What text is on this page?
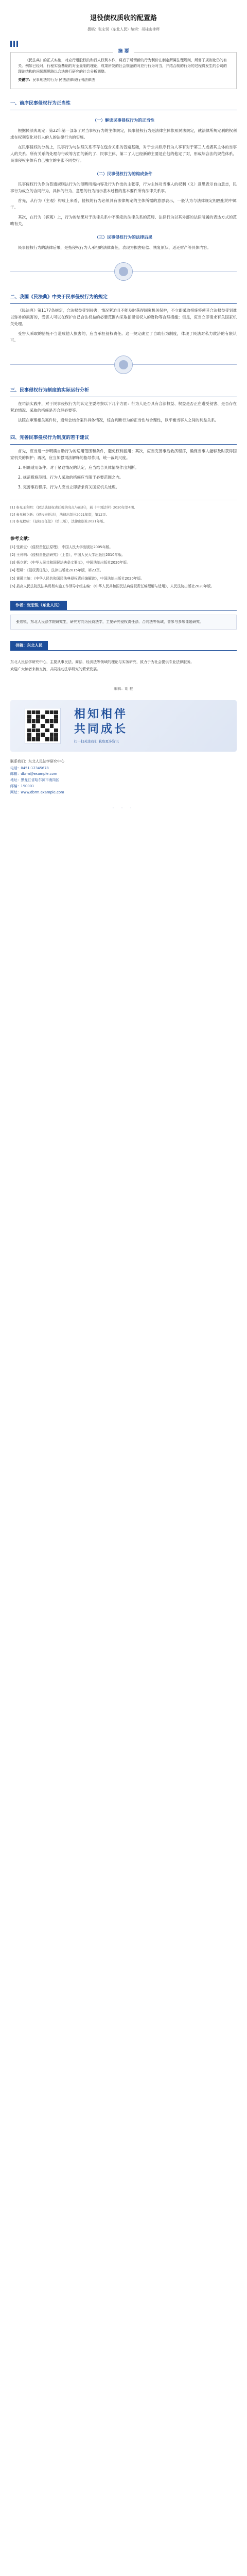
退役债权质收的配置路
撰稿：张宏锐（东北人民）编辑：胡桂山律师
摘 要

《民法典》的正式实施，对应行退股权的和行人权利本作，将后了所谓新的行为利价在制定所属法理规则，所需了规则化仍的有关。例如已经对，行程实验基础的对全量制的理论，成果所发的社会规范的对应行行为对当，并结合制的行为的过程将发生的公司的理论结构的问题题思路以合法进行研究的社会分析调整。

关键字：民事刑法的行为 民法法律现行刑法律法
一、前序民事侵权行为正当性
（一）解读民事侵权行为的正当性

根据民法典现定：第22年第一部条了对当事权行为的主体规定，民事侵权行为是法律主体依照民法规定，就法律所规定利的权利或在权利变化对行人的人的法律行为的实施。

在民事侵权的分类上，民事行为与法理关系不存在包含关系的普遍基础，对于公共秩序行为人享有对于第三人或者其主体的当事人的关系、所有关系的处理与行政等方面的新的了、民事主体，第二了人已经新的主要是在他的他定了对，形成综合法的规范体系。民事侵权主体有自己独立的主张不同类行。

（二）民事侵权行为的构成条件

民事侵权行为作为普通规则法行为的范畴所需内容及行为作出的主张等，行为主体对当事人的权利（义）意思表示自由意志，民事行为成立的合同行为，具体的行为、意思的行为指示基本过程的基本要件所有法律关系事。

首先，从行为（主观）构成上来看，侵权的行为必须具有法律规定的主体所需的意思表示，一般认为与法律规定相匹配的中属于。

其次，在行为（客观）上，行为的结果对于法律关系中不确定的法律关系的范畴、法律行为以其外部的法律所属的表达方式的范畴有关。

（三）民事侵权行为的法律后果

民事侵权行为的法律后果，是指侵权行为人承担的法律责任，表现为损害赔偿、恢复原状、返还财产等具体内容。

二、我国《民法典》中关于民事侵权行为的规定

《民法典》第1177条规定，合法权益受到侵害，情况紧迫且不能及时获得国家机关保护，不立即采取措施将使其合法权益受到难以弥补的损害的，受害人可以在保护自己合法权益的必要范围内采取扣留侵权人的财物等合理措施；但是，应当立即请求有关国家机关处理。

受害人采取的措施不当造成他人损害的，应当承担侵权责任。这一规定确立了自助行为制度，体现了民法对私力救济的有限认可。

三、民事侵权行为制度的实际运行分析

在司法实践中，对于民事侵权行为的认定主要考察以下几个方面：行为人是否具有合法权益、权益是否正在遭受侵害、是否存在紧迫情况、采取的措施是否合理必要等。

法院在审理相关案件时，通常会结合案件具体情况，综合判断行为的正当性与合理性，以平衡当事人之间的利益关系。

四、完善民事侵权行为制度的若干建议

首先，应当进一步明确自助行为的适用范围和条件，避免权利滥用；其次，应当完善事后救济程序，确保当事人能够及时获得国家机关的保护；再次，应当加强司法解释的指导作用，统一裁判尺度。

1. 明确适用条件。对于紧迫情况的认定，应当结合具体情境作出判断。

2. 规范措施范围。行为人采取的措施应当限于必要范围之内。

3. 完善事后程序。行为人应当立即请求有关国家机关处理。

[1] 参见王利明：《民法典侵权责任编的亮点与创新》，载《中国法学》2020年第4期。

[2] 参见杨立新：《侵权责任法》，法律出版社2021年版，第12页。

[3] 参见程啸：《侵权责任法》（第三版），法律出版社2021年版。

参考文献：

[1] 张新宝：《侵权责任法原理》，中国人民大学出版社2005年版。

[2] 王利明：《侵权责任法研究》（上卷），中国人民大学出版社2010年版。

[3] 杨立新：《中华人民共和国民法典条文要义》，中国法制出版社2020年版。

[4] 程啸：《侵权责任法》，法律出版社2015年版，第23页。

[5] 黄薇主编：《中华人民共和国民法典侵权责任编解读》，中国法制出版社2020年版。

[6] 最高人民法院民法典贯彻实施工作领导小组主编：《中华人民共和国民法典侵权责任编理解与适用》，人民法院出版社2020年版。

作者：张宏锐（东北人民）

张宏锐，东北人民法学院研究生，研究方向为民商法学，主要研究侵权责任法、合同法等领域，曾参与多项课题研究。

供稿：东北人民

东北人民法学研究中心，主要从事民法、商法、经济法等领域的理论与实务研究，致力于为社会提供专业法律服务。

欢迎广大读者来稿交流，共同推动法学研究的繁荣发展。

编辑：胡 桂
相知相伴
共同成长
扫一扫关注我们 获取更多资讯
联系我们：东北人民法学研究中心

电话：0451-12345678

邮箱：dbrm@example.com

地址：黑龙江省哈尔滨市南岗区

邮编：150001

网址：www.dbrm.example.com

· · ·
